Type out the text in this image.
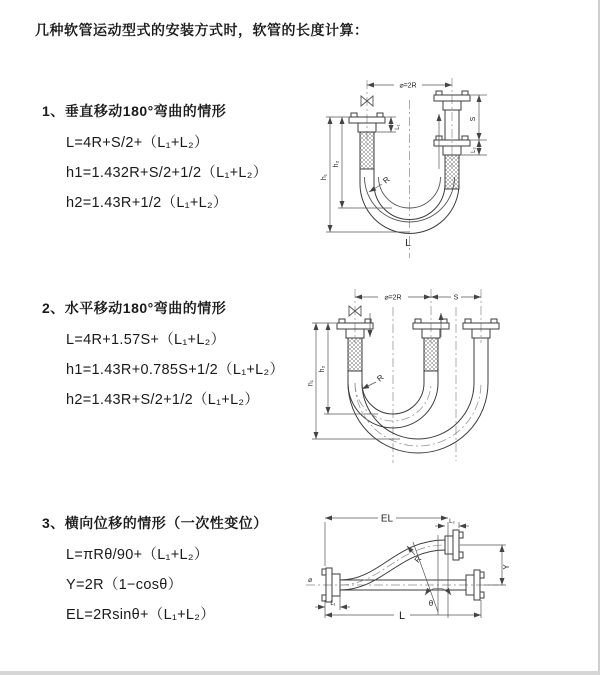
几种软管运动型式的安装方式时，软管的长度计算：
1、垂直移动180°弯曲的情形
L=4R+S/2+（L₁+L₂）
h1=1.432R+S/2+1/2（L₁+L₂）
h2=1.43R+1/2（L₁+L₂）
2、水平移动180°弯曲的情形
L=4R+1.57S+（L₁+L₂）
h1=1.43R+0.785S+1/2（L₁+L₂）
h2=1.43R+S/2+1/2（L₁+L₂）
3、横向位移的情形（一次性变位）
L=πRθ/90+（L₁+L₂）
Y=2R（1−cosθ）
EL=2Rsinθ+（L₁+L₂）
⌀=2R
h₂
h₁
L₁
S
L₂
R
L
⌀=2R	S
h₂
h₁	R
⌀
EL	L₂
Y
R
θ
L₁
L
